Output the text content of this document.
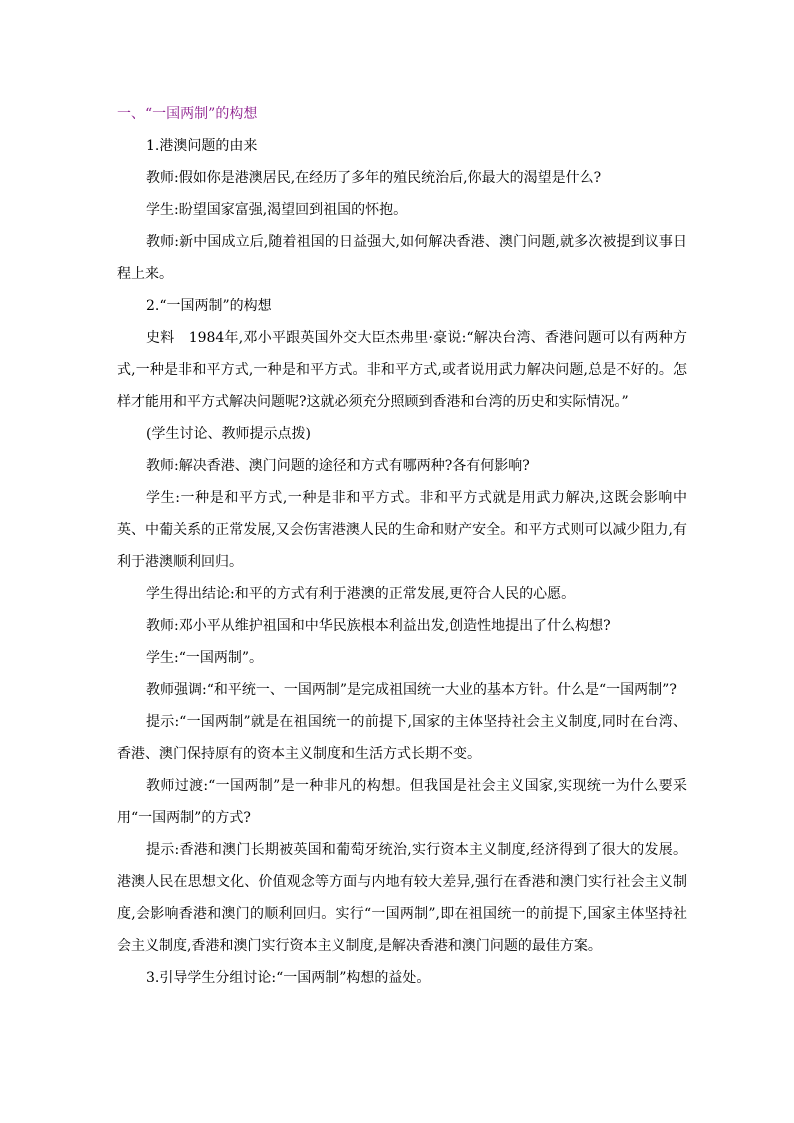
一、“一国两制”的构想

1.港澳问题的由来

教师:假如你是港澳居民,在经历了多年的殖民统治后,你最大的渴望是什么?

学生:盼望国家富强,渴望回到祖国的怀抱。

教师:新中国成立后,随着祖国的日益强大,如何解决香港、澳门问题,就多次被提到议事日程上来。

2.“一国两制”的构想

史料　1984年,邓小平跟英国外交大臣杰弗里·豪说:“解决台湾、香港问题可以有两种方式,一种是非和平方式,一种是和平方式。非和平方式,或者说用武力解决问题,总是不好的。怎样才能用和平方式解决问题呢?这就必须充分照顾到香港和台湾的历史和实际情况。”

(学生讨论、教师提示点拨)

教师:解决香港、澳门问题的途径和方式有哪两种?各有何影响?

学生:一种是和平方式,一种是非和平方式。非和平方式就是用武力解决,这既会影响中英、中葡关系的正常发展,又会伤害港澳人民的生命和财产安全。和平方式则可以减少阻力,有利于港澳顺利回归。

学生得出结论:和平的方式有利于港澳的正常发展,更符合人民的心愿。

教师:邓小平从维护祖国和中华民族根本利益出发,创造性地提出了什么构想?

学生:“一国两制”。

教师强调:“和平统一、一国两制”是完成祖国统一大业的基本方针。什么是“一国两制”?

提示:“一国两制”就是在祖国统一的前提下,国家的主体坚持社会主义制度,同时在台湾、香港、澳门保持原有的资本主义制度和生活方式长期不变。

教师过渡:“一国两制”是一种非凡的构想。但我国是社会主义国家,实现统一为什么要采用“一国两制”的方式?

提示:香港和澳门长期被英国和葡萄牙统治,实行资本主义制度,经济得到了很大的发展。港澳人民在思想文化、价值观念等方面与内地有较大差异,强行在香港和澳门实行社会主义制度,会影响香港和澳门的顺利回归。实行“一国两制”,即在祖国统一的前提下,国家主体坚持社会主义制度,香港和澳门实行资本主义制度,是解决香港和澳门问题的最佳方案。

3.引导学生分组讨论:“一国两制”构想的益处。
